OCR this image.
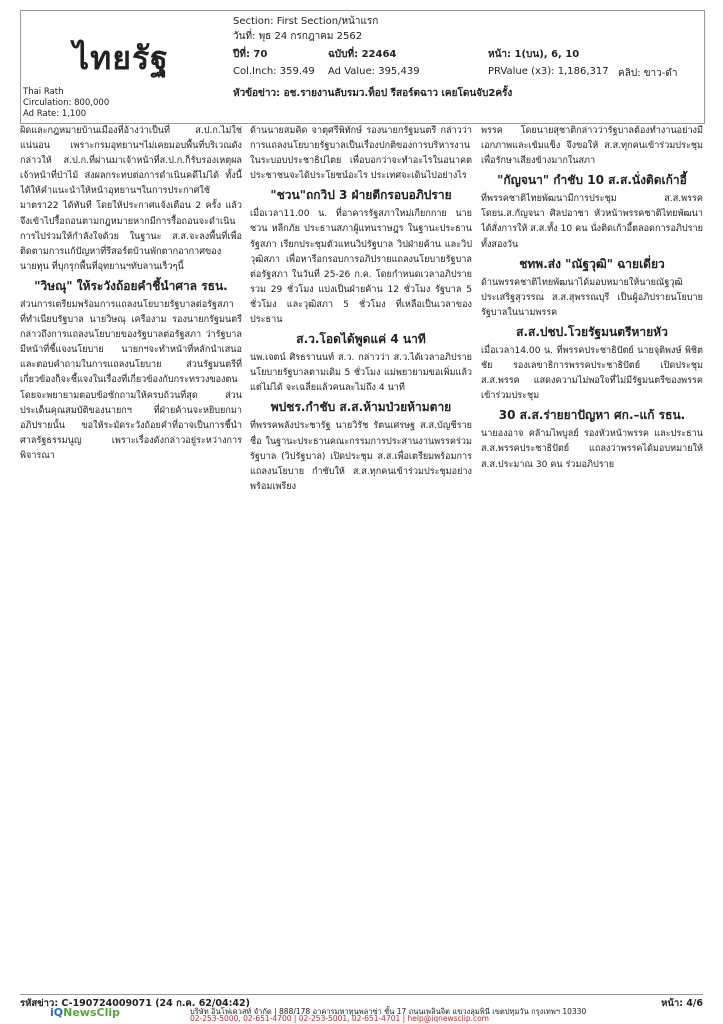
ไทยรัฐ
Thai Rath
Circulation: 800,000
Ad Rate: 1,100
Section: First Section/หน้าแรก
วันที่: พุธ 24 กรกฎาคม 2562
ปีที่: 70	ฉบับที่: 22464	หน้า: 1(บน), 6, 10
Col.Inch: 359.49 Ad Value: 395,439	PRValue (x3): 1,186,317 คลิป: ขาว-ดำ
หัวข้อข่าว: อช.รายงานลับรมว.ท็อป รีสอร์ตฉาว เคยโดนจับ2ครั้ง

ผิดและกฎหมายบ้านเมืองที่อ้างว่าเป็นที่ ส.ป.ก.ไม่ใช่แน่นอน เพราะกรมอุทยานฯไม่เคยมอบพื้นที่บริเวณดังกล่าวให้ ส.ป.ก.ที่ผ่านมาเจ้าหน้าที่ส.ป.ก.ก็รับรองเหตุผลเจ้าหน้าที่ป่าไม้ ส่งผลกระทบต่อการดำเนินคดีไม่ได้ ทั้งนี้ ได้ให้คำแนะนำให้หน้าอุทยานฯในการประกาศใช้มาตรา22 ได้ทันที โดยให้ประกาศแจ้งเตือน 2 ครั้ง แล้วจึงเข้าไปรื้อถอนตามกฎหมายหากมีการรื้อถอนจะดำเนินการไปร่วมให้กำลังใจด้วย ในฐานะ ส.ส.จะลงพื้นที่เพื่อติดตามการแก้ปัญหาที่รีสอร์ตบ้านพักตากอากาศของนายทุน ที่บุกรุกพื้นที่อุทยานฯทับลานเร็วๆนี้

"วิษณุ" ให้ระวังถ้อยคำชี้นำศาล รธน.

ส่วนการเตรียมพร้อมการแถลงนโยบายรัฐบาลต่อรัฐสภา ที่ทำเนียบรัฐบาล นายวิษณุ เครืองาม รองนายกรัฐมนตรี กล่าวถึงการแถลงนโยบายของรัฐบาลต่อรัฐสภา ว่ารัฐบาลมีหน้าที่ชี้แจงนโยบาย นายกฯจะทำหน้าที่หลักนำเสนอและตอบคำถามในการแถลงนโยบาย ส่วนรัฐมนตรีที่เกี่ยวข้องก็จะชี้แจงในเรื่องที่เกี่ยวข้องกับกระทรวงของตน โดยจะพยายามตอบข้อซักถามให้ครบถ้วนที่สุด ส่วนประเด็นคุณสมบัติของนายกฯ ที่ฝ่ายค้านจะหยิบยกมาอภิปรายนั้น ขอให้ระมัดระวังถ้อยคำที่อาจเป็นการชี้นำศาลรัฐธรรมนูญ เพราะเรื่องดังกล่าวอยู่ระหว่างการพิจารณา

ด้านนายสมคิด จาตุศรีพิทักษ์ รองนายกรัฐมนตรี กล่าวว่า การแถลงนโยบายรัฐบาลเป็นเรื่องปกติของการบริหารงานในระบอบประชาธิปไตย เพื่อบอกว่าจะทำอะไรในอนาคต ประชาชนจะได้ประโยชน์อะไร ประเทศจะเดินไปอย่างไร

"ชวน"ถกวิป 3 ฝ่ายตีกรอบอภิปราย

เมื่อเวลา11.00 น. ที่อาคารรัฐสภาใหม่เกียกกาย นายชวน หลีกภัย ประธานสภาผู้แทนราษฎร ในฐานะประธานรัฐสภา เรียกประชุมตัวแทนวิปรัฐบาล วิปฝ่ายค้าน และวิปวุฒิสภา เพื่อหารือกรอบการอภิปรายแถลงนโยบายรัฐบาลต่อรัฐสภา ในวันที่ 25-26 ก.ค. โดยกำหนดเวลาอภิปรายรวม 29 ชั่วโมง แบ่งเป็นฝ่ายค้าน 12 ชั่วโมง รัฐบาล 5 ชั่วโมง และวุฒิสภา 5 ชั่วโมง ที่เหลือเป็นเวลาของประธาน

ส.ว.โอดได้พูดแค่ 4 นาที

นพ.เจตน์ ศิรธรานนท์ ส.ว. กล่าวว่า ส.ว.ได้เวลาอภิปรายนโยบายรัฐบาลตามเดิม 5 ชั่วโมง แม่พยายามขอเพิ่มแล้วแต่ไม่ได้ จะเฉลี่ยแล้วคนละไม่ถึง 4 นาที

พปชร.กำชับ ส.ส.ห้ามป่วยห้ามตาย

ที่พรรคพลังประชารัฐ นายวิรัช รัตนเศรษฐ ส.ส.บัญชีรายชื่อ ในฐานะประธานคณะกรรมการประสานงานพรรคร่วมรัฐบาล (วิปรัฐบาล) เปิดประชุม ส.ส.เพื่อเตรียมพร้อมการแถลงนโยบาย กำชับให้ ส.ส.ทุกคนเข้าร่วมประชุมอย่างพร้อมเพรียง

พรรค โดยนายสุชาติกล่าวว่ารัฐบาลต้องทำงานอย่างมีเอกภาพและเข้มแข็ง จึงขอให้ ส.ส.ทุกคนเข้าร่วมประชุมเพื่อรักษาเสียงข้างมากในสภา

"กัญจนา" กำชับ 10 ส.ส.นั่งติดเก้าอี้

ที่พรรคชาติไทยพัฒนามีการประชุม ส.ส.พรรค โดยน.ส.กัญจนา ศิลปอาชา หัวหน้าพรรคชาติไทยพัฒนา ได้สั่งการให้ ส.ส.ทั้ง 10 คน นั่งติดเก้าอี้ตลอดการอภิปรายทั้งสองวัน

ชทพ.ส่ง "ณัฐวุฒิ" ฉายเดี่ยว

ด้านพรรคชาติไทยพัฒนาได้มอบหมายให้นายณัฐวุฒิ ประเสริฐสุวรรณ ส.ส.สุพรรณบุรี เป็นผู้อภิปรายนโยบายรัฐบาลในนามพรรค

ส.ส.ปชป.โวยรัฐมนตรีหายหัว

เมื่อเวลา14.00 น. ที่พรรคประชาธิปัตย์ นายจุติพงษ์ พิชิตชัย รองเลขาธิการพรรคประชาธิปัตย์ เปิดประชุม ส.ส.พรรค แสดงความไม่พอใจที่ไม่มีรัฐมนตรีของพรรคเข้าร่วมประชุม

30 ส.ส.ร่ายยาปัญหา ศก.–แก้ รธน.

นายองอาจ คล้ามไพบูลย์ รองหัวหน้าพรรค และประธาน ส.ส.พรรคประชาธิปัตย์ แถลงว่าพรรคได้มอบหมายให้ ส.ส.ประมาณ 30 คน ร่วมอภิปราย

รหัสข่าว: C-190724009071 (24 ก.ค. 62/04:42)	หน้า: 4/6
iQNewsClip	บริษัท อินโฟเควสท์ จำกัด | 888/178 อาคารมหาทุนพลาซ่า ชั้น 17 ถนนเพลินจิต แขวงลุมพินี เขตปทุมวัน กรุงเทพฯ 10330
02-253-5000, 02-651-4700 | 02-253-5001, 02-651-4701 | help@iqnewsclip.com
